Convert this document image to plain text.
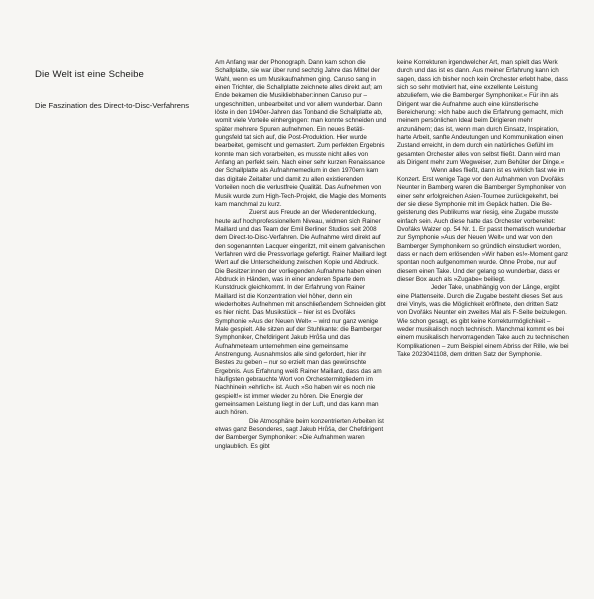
Die Welt ist eine Scheibe
Die Faszination des Direct-to-Disc-Verfahrens

Am Anfang war der Phonograph. Dann kam schon die Schallplatte, sie war über rund sechzig Jahre das Mittel der Wahl, wenn es um Musikaufnahmen ging. Caruso sang in einen Trichter, die Schallplatte zeichnete alles direkt auf; am Ende bekamen die Musikliebhaber:innen Caruso pur – ungeschnitten, unbearbeitet und vor allem wunderbar. Dann löste in den 1940er-Jahren das Tonband die Schallplatte ab, womit viele Vorteile einhergingen: man konnte schneiden und später mehrere Spuren aufnehmen. Ein neues Betätigungsfeld tat sich auf, die Post-Produktion. Hier wurde bearbeitet, gemischt und gemastert. Zum perfekten Ergebnis konnte man sich vorarbeiten, es musste nicht alles von Anfang an perfekt sein. Nach einer sehr kurzen Renaissance der Schallplatte als Aufnahmemedium in den 1970ern kam das digitale Zeitalter und damit zu allen existierenden Vorteilen noch die verlustfreie Qualität. Das Aufnehmen von Musik wurde zum High-Tech-Projekt, die Magie des Moments kam manchmal zu kurz.

Zuerst aus Freude an der Wiederentdeckung, heute auf hochprofessionellem Niveau, widmen sich Rainer Maillard und das Team der Emil Berliner Studios seit 2008 dem Direct-to-Disc-Verfahren. Die Aufnahme wird direkt auf den sogenannten Lacquer eingeritzt, mit einem galvanischen Verfahren wird die Pressvorlage gefertigt. Rainer Maillard legt Wert auf die Unterscheidung zwischen Kopie und Abdruck. Die Besitzer:innen der vorliegenden Aufnahme haben einen Abdruck in Händen, was in einer anderen Sparte dem Kunstdruck gleichkommt. In der Erfahrung von Rainer Maillard ist die Konzentration viel höher, denn ein wiederholtes Aufnehmen mit anschließendem Schneiden gibt es hier nicht. Das Musikstück – hier ist es Dvořáks Symphonie »Aus der Neuen Welt« – wird nur ganz wenige Male gespielt. Alle sitzen auf der Stuhlkante: die Bamberger Symphoniker, Chefdirigent Jakub Hrůša und das Aufnahmeteam unternehmen eine gemeinsame Anstrengung. Ausnahmslos alle sind gefordert, hier ihr Bestes zu geben – nur so erzielt man das gewünschte Ergebnis. Aus Erfahrung weiß Rainer Maillard, dass das am häufigsten gebrauchte Wort von Orchestermitgliedern im Nachhinein »ehrlich« ist. Auch »So haben wir es noch nie gespielt!« ist immer wieder zu hören. Die Energie der gemeinsamen Leistung liegt in der Luft, und das kann man auch hören.

Die Atmosphäre beim konzentrierten Arbeiten ist etwas ganz Besonderes, sagt Jakub Hrůša, der Chefdirigent der Bamberger Symphoniker: »Die Aufnahmen waren unglaublich. Es gibt

keine Korrekturen irgendwelcher Art, man spielt das Werk durch und das ist es dann. Aus meiner Erfahrung kann ich sagen, dass ich bisher noch kein Orchester erlebt habe, dass sich so sehr motiviert hat, eine exzellente Leistung abzuliefern, wie die Bamberger Symphoniker.« Für ihn als Dirigent war die Aufnahme auch eine künstlerische Bereicherung: »Ich habe auch die Erfahrung gemacht, mich meinem persönlichen Ideal beim Dirigieren mehr anzunähern; das ist, wenn man durch Einsatz, Inspiration, harte Arbeit, sanfte Andeutungen und Kommunikation einen Zustand erreicht, in dem durch ein natürliches Gefühl im gesamten Orchester alles von selbst fließt. Dann wird man als Dirigent mehr zum Wegweiser, zum Behüter der Dinge.«

Wenn alles fließt, dann ist es wirklich fast wie im Konzert. Erst wenige Tage vor den Aufnahmen von Dvořáks Neunter in Bamberg waren die Bamberger Symphoniker von einer sehr erfolgreichen Asien-Tournee zurückgekehrt, bei der sie diese Symphonie mit im Gepäck hatten. Die Begeisterung des Publikums war riesig, eine Zugabe musste einfach sein. Auch diese hatte das Orchester vorbereitet: Dvořáks Walzer op. 54 Nr. 1. Er passt thematisch wunderbar zur Symphonie »Aus der Neuen Welt« und war von den Bamberger Symphonikern so gründlich einstudiert worden, dass er nach dem erlösenden »Wir haben es!«-Moment ganz spontan noch aufgenommen wurde. Ohne Probe, nur auf diesem einen Take. Und der gelang so wunderbar, dass er dieser Box auch als »Zugabe« beiliegt.

Jeder Take, unabhängig von der Länge, ergibt eine Plattenseite. Durch die Zugabe besteht dieses Set aus drei Vinyls, was die Möglichkeit eröffnete, den dritten Satz von Dvořáks Neunter ein zweites Mal als F-Seite beizulegen. Wie schon gesagt, es gibt keine Korrekturmöglichkeit – weder musikalisch noch technisch. Manchmal kommt es bei einem musikalisch hervorragenden Take auch zu technischen Komplikationen – zum Beispiel einem Abriss der Rille, wie bei Take 2023041108, dem dritten Satz der Symphonie.
